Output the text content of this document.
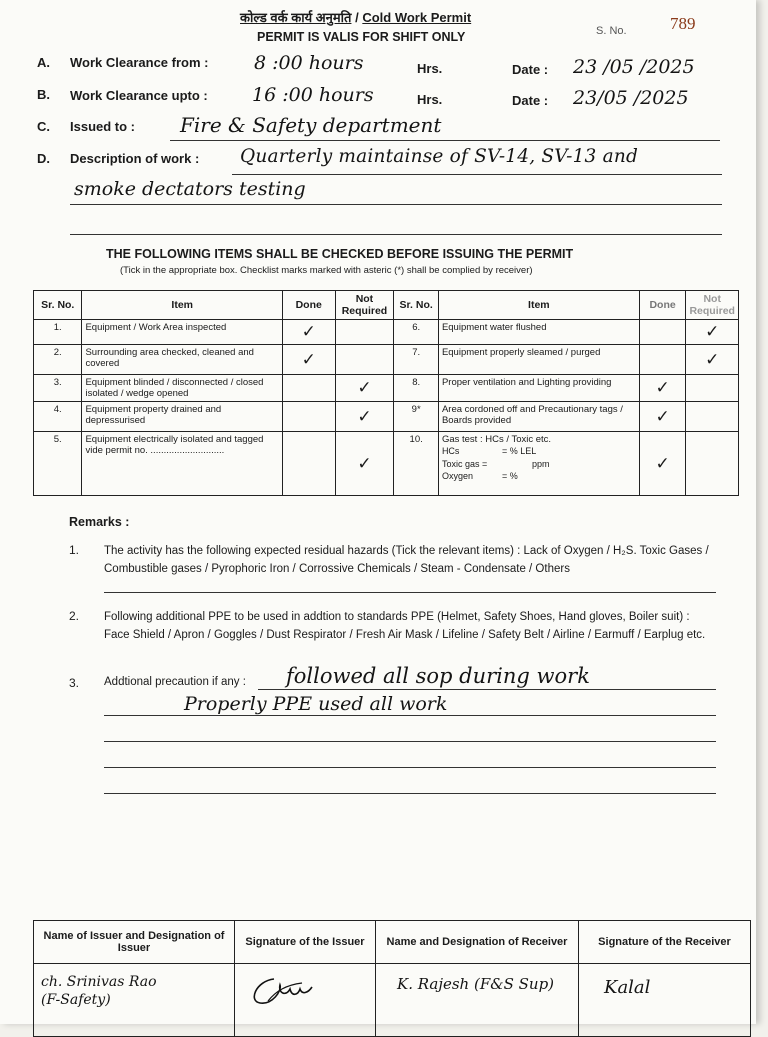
कोल्ड वर्क कार्य अनुमति / Cold Work Permit
PERMIT IS VALIS FOR SHIFT ONLY	S. No.	789
A. Work Clearance from : 8 :00 hours	Hrs.	Date : 23 /05 /2025
B. Work Clearance upto : 16 :00 hours	Hrs.	Date : 23/05 /2025
C. Issued to : Fire & Safety department
D. Description of work : Quarterly maintainse of SV-14, SV-13 and
smoke dectators testing
THE FOLLOWING ITEMS SHALL BE CHECKED BEFORE ISSUING THE PERMIT
(Tick in the appropriate box. Checklist marks marked with asteric (*) shall be complied by receiver)
Sr. No.	Item	Done	Not Required	Sr. No.	Item	Done	Not Required
1.	Equipment / Work Area inspected	✓		6.	Equipment water flushed		✓
2.	Surrounding area checked, cleaned and covered	✓		7.	Equipment properly sleamed / purged		✓
3.	Equipment blinded / disconnected / closed isolated / wedge opened		✓	8.	Proper ventilation and Lighting providing	✓	
4.	Equipment property drained and depressurised		✓	9*	Area cordoned off and Precautionary tags / Boards provided	✓	
5.	Equipment electrically isolated and tagged vide permit no. ............................		✓	10.	Gas test : HCs / Toxic etc.
HCs = % LEL
Toxic gas = ppm
Oxygen = %	✓	
Remarks :
1. The activity has the following expected residual hazards (Tick the relevant items) : Lack of Oxygen / H₂S. Toxic Gases / Combustible gases / Pyrophoric Iron / Corrossive Chemicals / Steam - Condensate / Others
2. Following additional PPE to be used in addtion to standards PPE (Helmet, Safety Shoes, Hand gloves, Boiler suit) : Face Shield / Apron / Goggles / Dust Respirator / Fresh Air Mask / Lifeline / Safety Belt / Airline / Earmuff / Earplug etc.
3. Addtional precaution if any : followed all sop during work
Properly PPE used all work
Name of Issuer and Designation of Issuer	Signature of the Issuer	Name and Designation of Receiver	Signature of the Receiver

ch. Srinivas Rao (F-Safety)		K. Rajesh (F&S Sup)	Kalal
